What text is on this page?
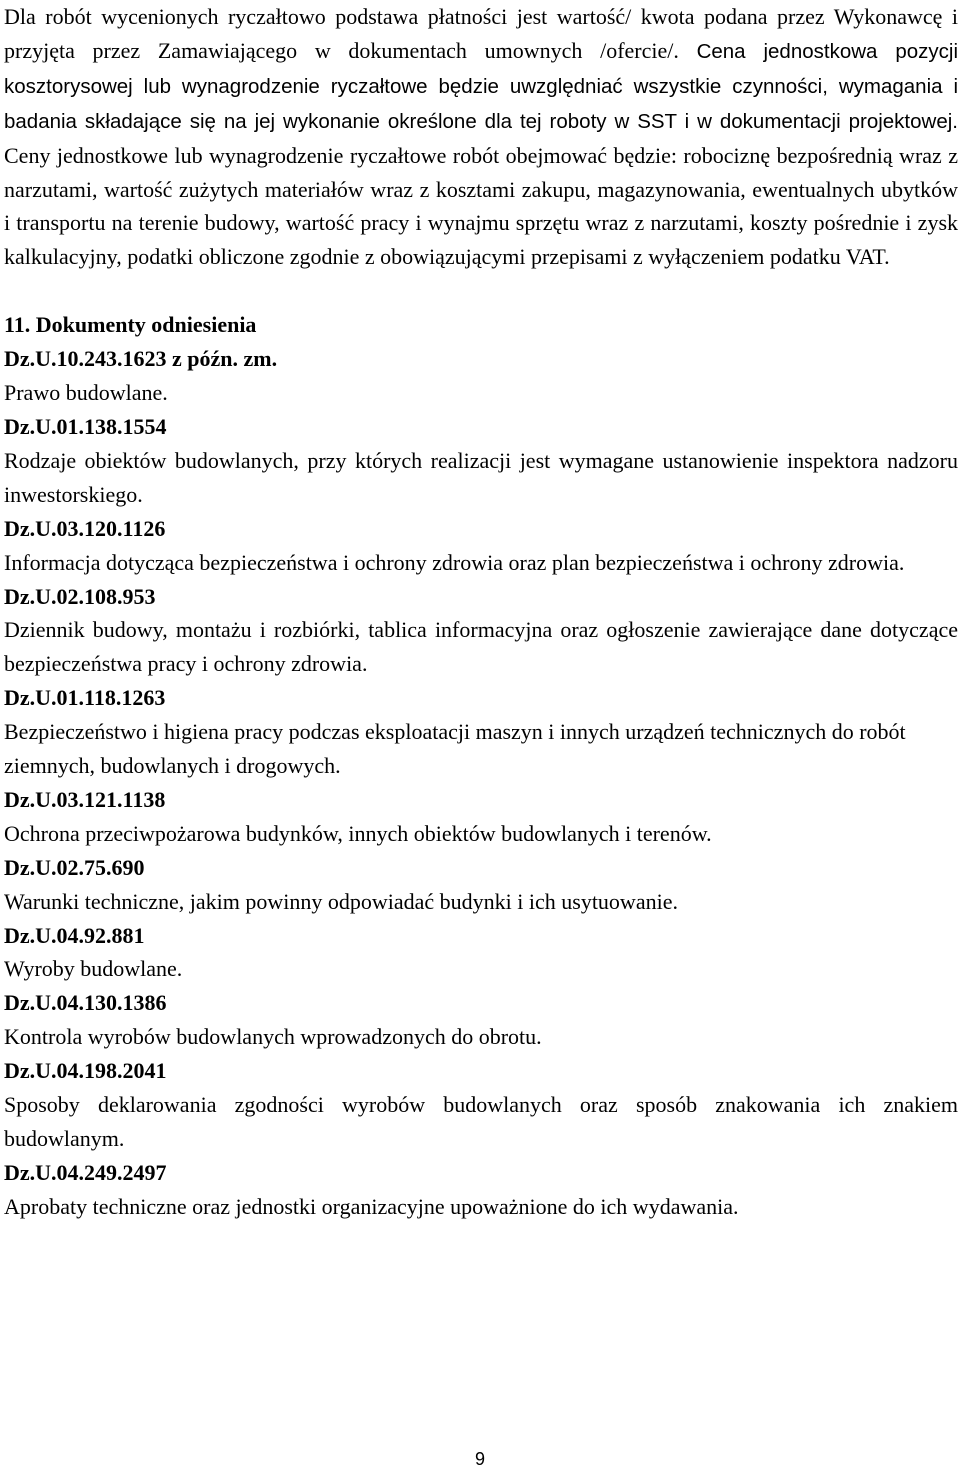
Dla robót wycenionych ryczałtowo podstawa płatności jest wartość/ kwota podana przez Wykonawcę i przyjęta przez Zamawiającego w dokumentach umownych /ofercie/. Cena jednostkowa pozycji kosztorysowej lub wynagrodzenie ryczałtowe będzie uwzględniać wszystkie czynności, wymagania i badania składające się na jej wykonanie określone dla tej roboty w SST i w dokumentacji projektowej. Ceny jednostkowe lub wynagrodzenie ryczałtowe robót obejmować będzie: robociznę bezpośrednią wraz z narzutami, wartość zużytych materiałów wraz z kosztami zakupu, magazynowania, ewentualnych ubytków i transportu na terenie budowy, wartość pracy i wynajmu sprzętu wraz z narzutami, koszty pośrednie i zysk kalkulacyjny, podatki obliczone zgodnie z obowiązującymi przepisami z wyłączeniem podatku VAT.

11. Dokumenty odniesienia

Dz.U.10.243.1623 z późn. zm.

Prawo budowlane.

Dz.U.01.138.1554

Rodzaje obiektów budowlanych, przy których realizacji jest wymagane ustanowienie inspektora nadzoru inwestorskiego.

Dz.U.03.120.1126

Informacja dotycząca bezpieczeństwa i ochrony zdrowia oraz plan bezpieczeństwa i ochrony zdrowia.

Dz.U.02.108.953

Dziennik budowy, montażu i rozbiórki, tablica informacyjna oraz ogłoszenie zawierające dane dotyczące bezpieczeństwa pracy i ochrony zdrowia.

Dz.U.01.118.1263

Bezpieczeństwo i higiena pracy podczas eksploatacji maszyn i innych urządzeń technicznych do robót

ziemnych, budowlanych i drogowych.

Dz.U.03.121.1138

Ochrona przeciwpożarowa budynków, innych obiektów budowlanych i terenów.

Dz.U.02.75.690

Warunki techniczne, jakim powinny odpowiadać budynki i ich usytuowanie.

Dz.U.04.92.881

Wyroby budowlane.

Dz.U.04.130.1386

Kontrola wyrobów budowlanych wprowadzonych do obrotu.

Dz.U.04.198.2041

Sposoby deklarowania zgodności wyrobów budowlanych oraz sposób znakowania ich znakiem budowlanym.

Dz.U.04.249.2497

Aprobaty techniczne oraz jednostki organizacyjne upoważnione do ich wydawania.

9
